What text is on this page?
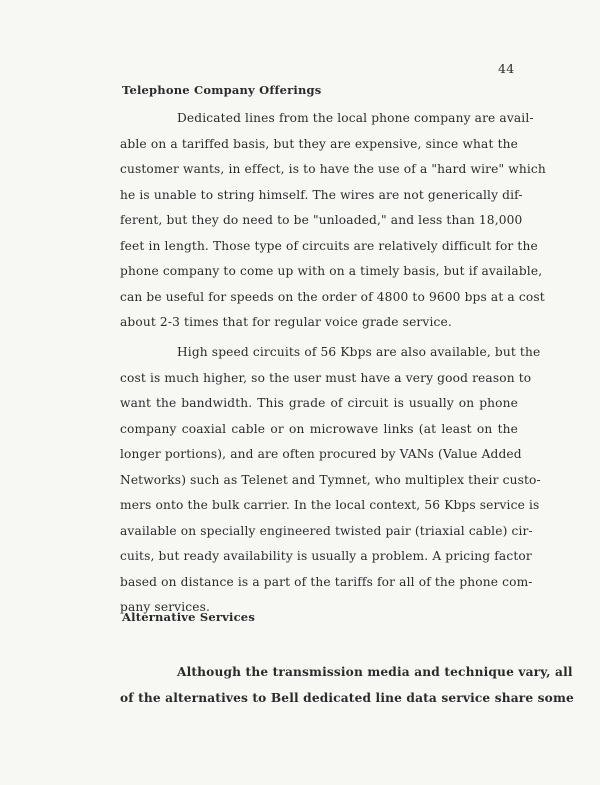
44
Telephone Company Offerings
Dedicated lines from the local phone company are avail-
able on a tariffed basis, but they are expensive, since what the
customer wants, in effect, is to have the use of a "hard wire" which
he is unable to string himself. The wires are not generically dif-
ferent, but they do need to be "unloaded," and less than 18,000
feet in length. Those type of circuits are relatively difficult for the
phone company to come up with on a timely basis, but if available,
can be useful for speeds on the order of 4800 to 9600 bps at a cost
about 2-3 times that for regular voice grade service.
High speed circuits of 56 Kbps are also available, but the
cost is much higher, so the user must have a very good reason to
want the bandwidth. This grade of circuit is usually on phone
company coaxial cable or on microwave links (at least on the
longer portions), and are often procured by VANs (Value Added
Networks) such as Telenet and Tymnet, who multiplex their custo-
mers onto the bulk carrier. In the local context, 56 Kbps service is
available on specially engineered twisted pair (triaxial cable) cir-
cuits, but ready availability is usually a problem. A pricing factor
based on distance is a part of the tariffs for all of the phone com-
pany services.
Alternative Services
Although the transmission media and technique vary, all
of the alternatives to Bell dedicated line data service share some
